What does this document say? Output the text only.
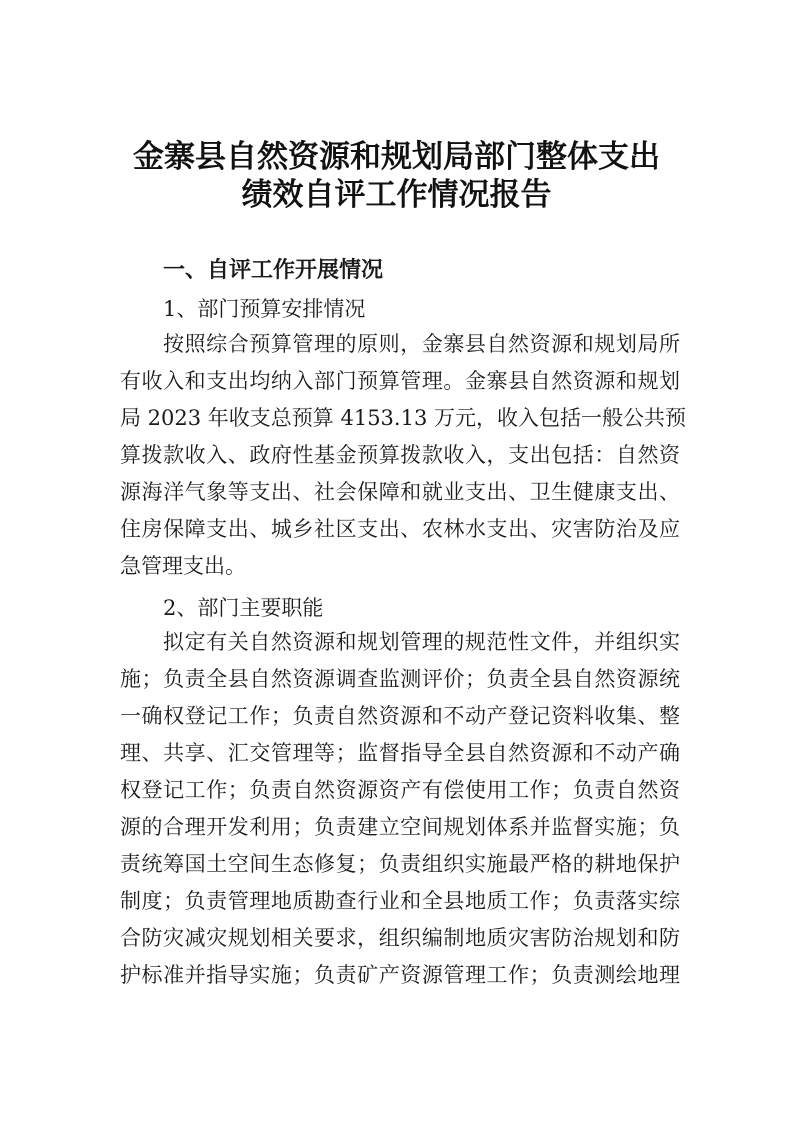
金寨县自然资源和规划局部门整体支出
绩效自评工作情况报告
一、自评工作开展情况
1、部门预算安排情况
按照综合预算管理的原则，金寨县自然资源和规划局所
有收入和支出均纳入部门预算管理。金寨县自然资源和规划
局 2023 年收支总预算 4153.13 万元，收入包括一般公共预
算拨款收入、政府性基金预算拨款收入，支出包括：自然资
源海洋气象等支出、社会保障和就业支出、卫生健康支出、
住房保障支出、城乡社区支出、农林水支出、灾害防治及应
急管理支出。
2、部门主要职能
拟定有关自然资源和规划管理的规范性文件，并组织实
施；负责全县自然资源调查监测评价；负责全县自然资源统
一确权登记工作；负责自然资源和不动产登记资料收集、整
理、共享、汇交管理等；监督指导全县自然资源和不动产确
权登记工作；负责自然资源资产有偿使用工作；负责自然资
源的合理开发利用；负责建立空间规划体系并监督实施；负
责统筹国土空间生态修复；负责组织实施最严格的耕地保护
制度；负责管理地质勘查行业和全县地质工作；负责落实综
合防灾减灾规划相关要求，组织编制地质灾害防治规划和防
护标准并指导实施；负责矿产资源管理工作；负责测绘地理
